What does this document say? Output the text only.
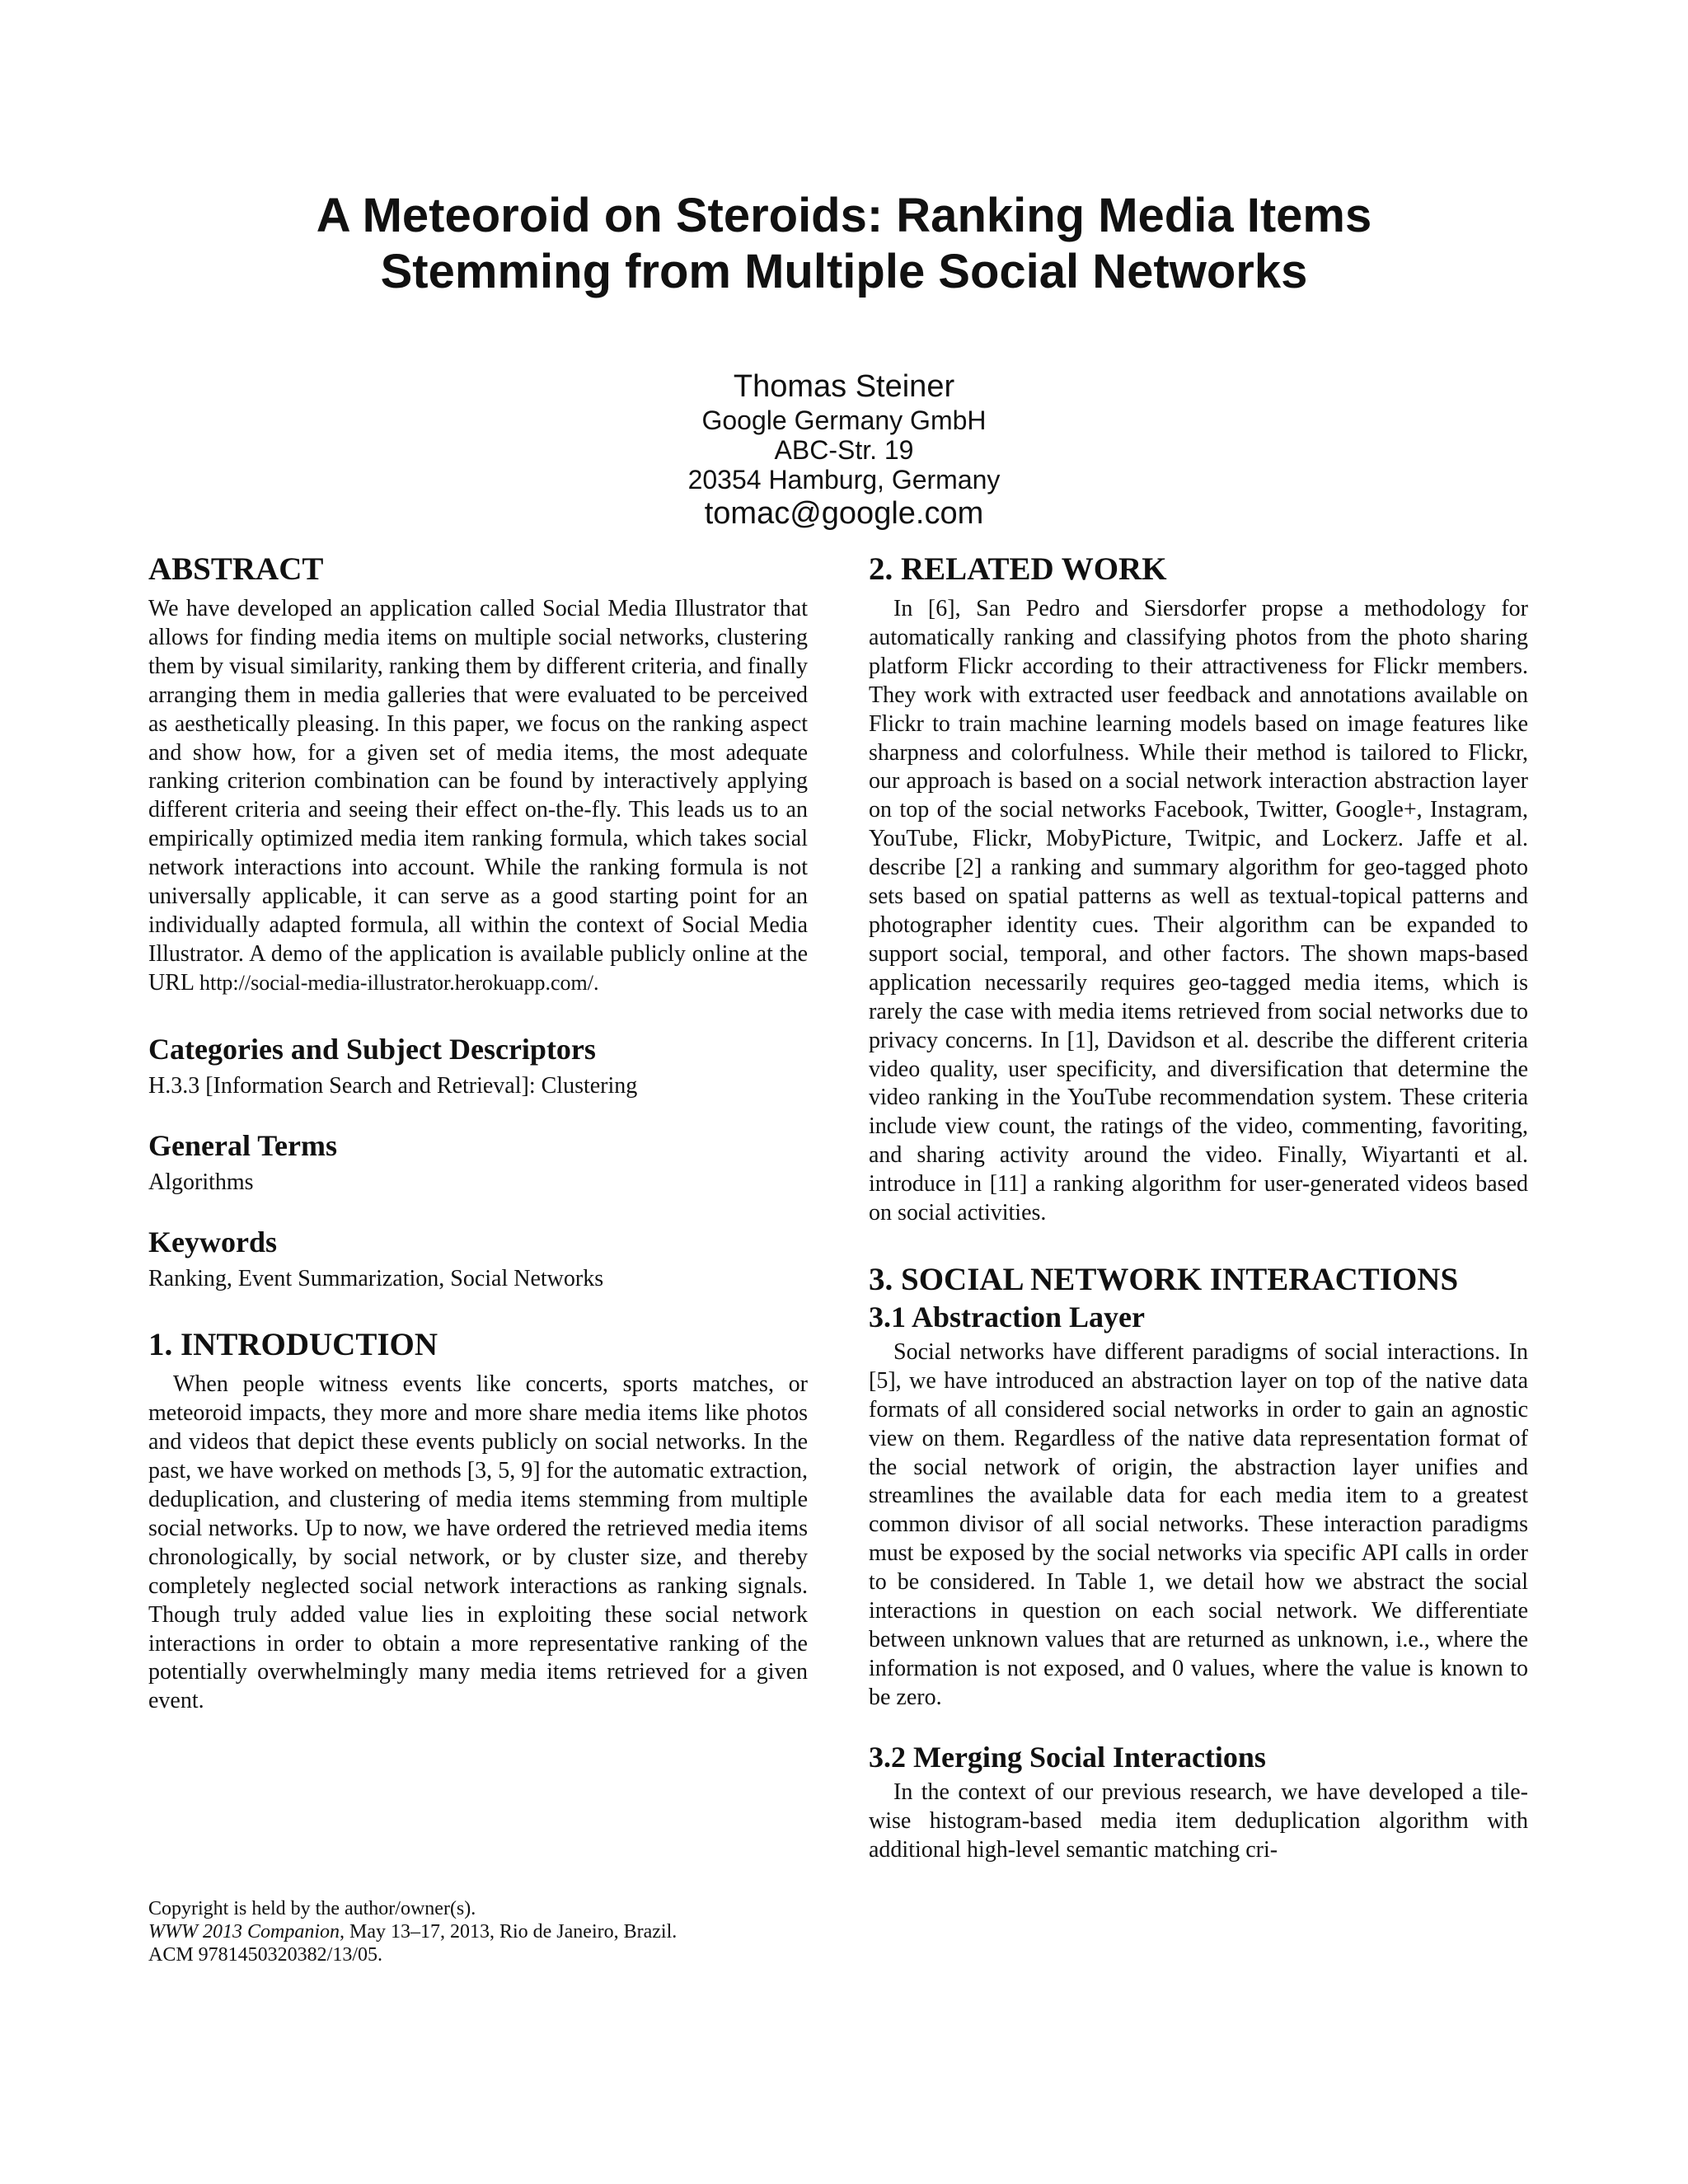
A Meteoroid on Steroids: Ranking Media Items
Stemming from Multiple Social Networks
Thomas Steiner
Google Germany GmbH
ABC-Str. 19
20354 Hamburg, Germany
tomac@google.com
ABSTRACT

We have developed an application called Social Media Illustrator that allows for finding media items on multiple social networks, clustering them by visual similarity, ranking them by different criteria, and finally arranging them in media galleries that were evaluated to be perceived as aesthetically pleasing. In this paper, we focus on the ranking aspect and show how, for a given set of media items, the most adequate ranking criterion combination can be found by interactively applying different criteria and seeing their effect on-the-fly. This leads us to an empirically optimized media item ranking formula, which takes social network interactions into account. While the ranking formula is not universally applicable, it can serve as a good starting point for an individually adapted formula, all within the context of Social Media Illustrator. A demo of the application is available publicly online at the URL http://social-media-illustrator.herokuapp.com/.

Categories and Subject Descriptors

H.3.3 [Information Search and Retrieval]: Clustering

General Terms

Algorithms

Keywords

Ranking, Event Summarization, Social Networks

1. INTRODUCTION

When people witness events like concerts, sports matches, or meteoroid impacts, they more and more share media items like photos and videos that depict these events publicly on social networks. In the past, we have worked on methods [3, 5, 9] for the automatic extraction, deduplication, and clustering of media items stemming from multiple social networks. Up to now, we have ordered the retrieved media items chronologically, by social network, or by cluster size, and thereby completely neglected social network interactions as ranking signals. Though truly added value lies in exploiting these social network interactions in order to obtain a more representative ranking of the potentially overwhelmingly many media items retrieved for a given event.

Copyright is held by the author/owner(s).
WWW 2013 Companion, May 13–17, 2013, Rio de Janeiro, Brazil.
ACM 9781450320382/13/05.
2. RELATED WORK

In [6], San Pedro and Siersdorfer propse a methodology for automatically ranking and classifying photos from the photo sharing platform Flickr according to their attractiveness for Flickr members. They work with extracted user feedback and annotations available on Flickr to train machine learning models based on image features like sharpness and colorfulness. While their method is tailored to Flickr, our approach is based on a social network interaction abstraction layer on top of the social networks Facebook, Twitter, Google+, Instagram, YouTube, Flickr, MobyPicture, Twitpic, and Lockerz. Jaffe et al. describe [2] a ranking and summary algorithm for geo-tagged photo sets based on spatial patterns as well as textual-topical patterns and photographer identity cues. Their algorithm can be expanded to support social, temporal, and other factors. The shown maps-based application necessarily requires geo-tagged media items, which is rarely the case with media items retrieved from social networks due to privacy concerns. In [1], Davidson et al. describe the different criteria video quality, user specificity, and diversification that determine the video ranking in the YouTube recommendation system. These criteria include view count, the ratings of the video, commenting, favoriting, and sharing activity around the video. Finally, Wiyartanti et al. introduce in [11] a ranking algorithm for user-generated videos based on social activities.

3. SOCIAL NETWORK INTERACTIONS
3.1 Abstraction Layer

Social networks have different paradigms of social interactions. In [5], we have introduced an abstraction layer on top of the native data formats of all considered social networks in order to gain an agnostic view on them. Regardless of the native data representation format of the social network of origin, the abstraction layer unifies and streamlines the available data for each media item to a greatest common divisor of all social networks. These interaction paradigms must be exposed by the social networks via specific API calls in order to be considered. In Table 1, we detail how we abstract the social interactions in question on each social network. We differentiate between unknown values that are returned as unknown, i.e., where the information is not exposed, and 0 values, where the value is known to be zero.

3.2 Merging Social Interactions

In the context of our previous research, we have developed a tile-wise histogram-based media item deduplication algorithm with additional high-level semantic matching cri-
